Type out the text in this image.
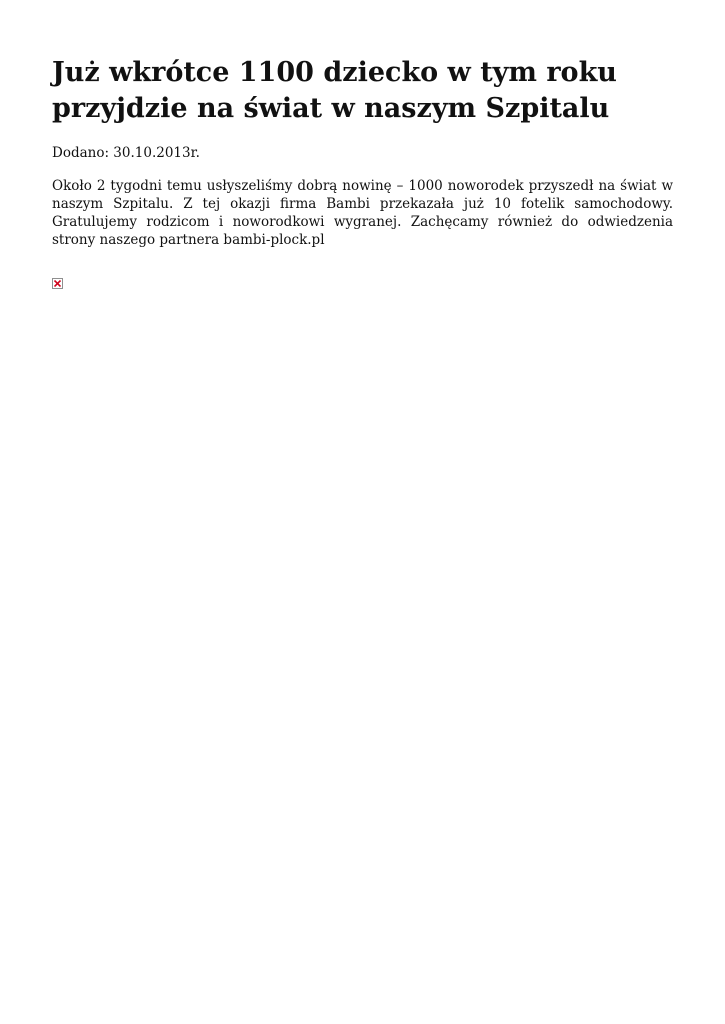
Już wkrótce 1100 dziecko w tym roku przyjdzie na świat w naszym Szpitalu
Dodano: 30.10.2013r.

Około 2 tygodni temu usłyszeliśmy dobrą nowinę – 1000 noworodek przyszedł na świat w naszym Szpitalu. Z tej okazji firma Bambi przekazała już 10 fotelik samochodowy. Gratulujemy rodzicom i noworodkowi wygranej. Zachęcamy również do odwiedzenia strony naszego partnera bambi-plock.pl
